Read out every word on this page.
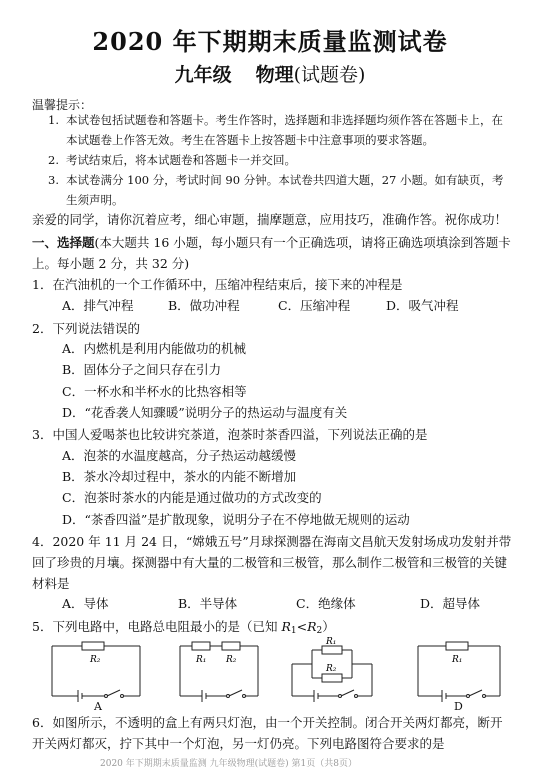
2020 年下期期末质量监测试卷
九年级 物理(试题卷)
温馨提示：
1. 本试卷包括试题卷和答题卡。考生作答时，选择题和非选择题均须作答在答题卡上，在本试题卷上作答无效。考生在答题卡上按答题卡中注意事项的要求答题。
2. 考试结束后，将本试题卷和答题卡一并交回。
3. 本试卷满分 100 分，考试时间 90 分钟。本试卷共四道大题，27 小题。如有缺页，考生须声明。
亲爱的同学，请你沉着应考，细心审题，揣摩题意，应用技巧，准确作答。祝你成功！
一、选择题(本大题共 16 小题，每小题只有一个正确选项，请将正确选项填涂到答题卡上。每小题 2 分，共 32 分)
1．在汽油机的一个工作循环中，压缩冲程结束后，接下来的冲程是
A．排气冲程	B．做功冲程	C．压缩冲程	D．吸气冲程
2．下列说法错误的
A．内燃机是利用内能做功的机械
B．固体分子之间只存在引力
C．一杯水和半杯水的比热容相等
D．“花香袭人知骤暖”说明分子的热运动与温度有关
3．中国人爱喝茶也比较讲究茶道，泡茶时茶香四溢，下列说法正确的是
A．泡茶的水温度越高，分子热运动越缓慢
B．茶水冷却过程中，茶水的内能不断增加
C．泡茶时茶水的内能是通过做功的方式改变的
D．“茶香四溢”是扩散现象，说明分子在不停地做无规则的运动
4．2020 年 11 月 24 日，“嫦娥五号”月球探测器在海南文昌航天发射场成功发射并带回了珍贵的月壤。探测器中有大量的二极管和三极管，那么制作二极管和三极管的关键材料是
A．导体	B．半导体	C．绝缘体	D．超导体
5．下列电路中，电路总电阻最小的是（已知 $R_1<R_2$）
R₂
A
R₁ R₂
R₁
R₂
R₁
D
6．如图所示，不透明的盒上有两只灯泡，由一个开关控制。闭合开关两灯都亮，断开开关两灯都灭，拧下其中一个灯泡，另一灯仍亮。下列电路图符合要求的是
2020 年下期期末质量监测 九年级物理(试题卷) 第1页（共8页）
